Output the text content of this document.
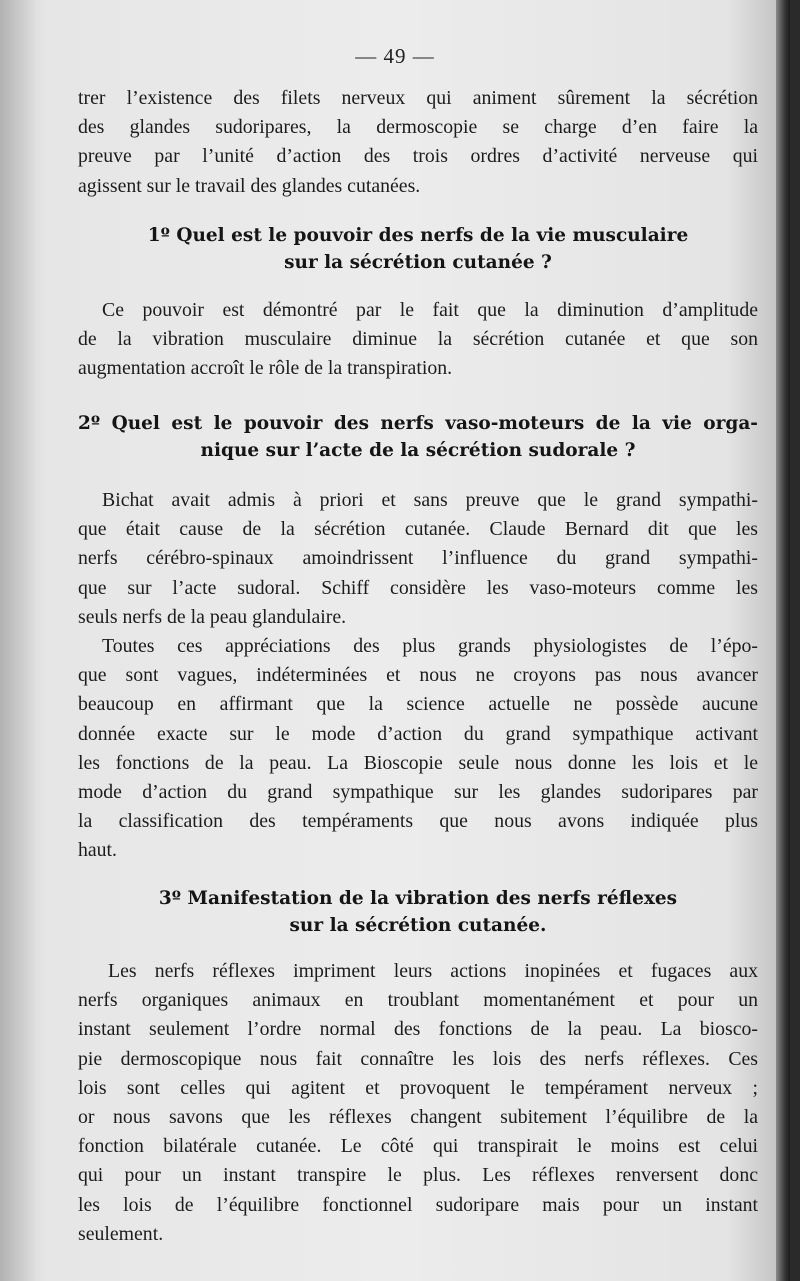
— 49 —
trer l’existence des filets nerveux qui animent sûrement la sécrétion
des glandes sudoripares, la dermoscopie se charge d’en faire la
preuve par l’unité d’action des trois ordres d’activité nerveuse qui
agissent sur le travail des glandes cutanées.
1º Quel est le pouvoir des nerfs de la vie musculaire
sur la sécrétion cutanée ?
Ce pouvoir est démontré par le fait que la diminution d’amplitude
de la vibration musculaire diminue la sécrétion cutanée et que son
augmentation accroît le rôle de la transpiration.
2º Quel est le pouvoir des nerfs vaso-moteurs de la vie orga-
nique sur l’acte de la sécrétion sudorale ?
Bichat avait admis à priori et sans preuve que le grand sympathi-
que était cause de la sécrétion cutanée. Claude Bernard dit que les
nerfs cérébro-spinaux amoindrissent l’influence du grand sympathi-
que sur l’acte sudoral. Schiff considère les vaso-moteurs comme les
seuls nerfs de la peau glandulaire.
Toutes ces appréciations des plus grands physiologistes de l’épo-
que sont vagues, indéterminées et nous ne croyons pas nous avancer
beaucoup en affirmant que la science actuelle ne possède aucune
donnée exacte sur le mode d’action du grand sympathique activant
les fonctions de la peau. La Bioscopie seule nous donne les lois et le
mode d’action du grand sympathique sur les glandes sudoripares par
la classification des tempéraments que nous avons indiquée plus
haut.
3º Manifestation de la vibration des nerfs réflexes
sur la sécrétion cutanée.
Les nerfs réflexes impriment leurs actions inopinées et fugaces aux
nerfs organiques animaux en troublant momentanément et pour un
instant seulement l’ordre normal des fonctions de la peau. La biosco-
pie dermoscopique nous fait connaître les lois des nerfs réflexes. Ces
lois sont celles qui agitent et provoquent le tempérament nerveux ;
or nous savons que les réflexes changent subitement l’équilibre de la
fonction bilatérale cutanée. Le côté qui transpirait le moins est celui
qui pour un instant transpire le plus. Les réflexes renversent donc
les lois de l’équilibre fonctionnel sudoripare mais pour un instant
seulement.
